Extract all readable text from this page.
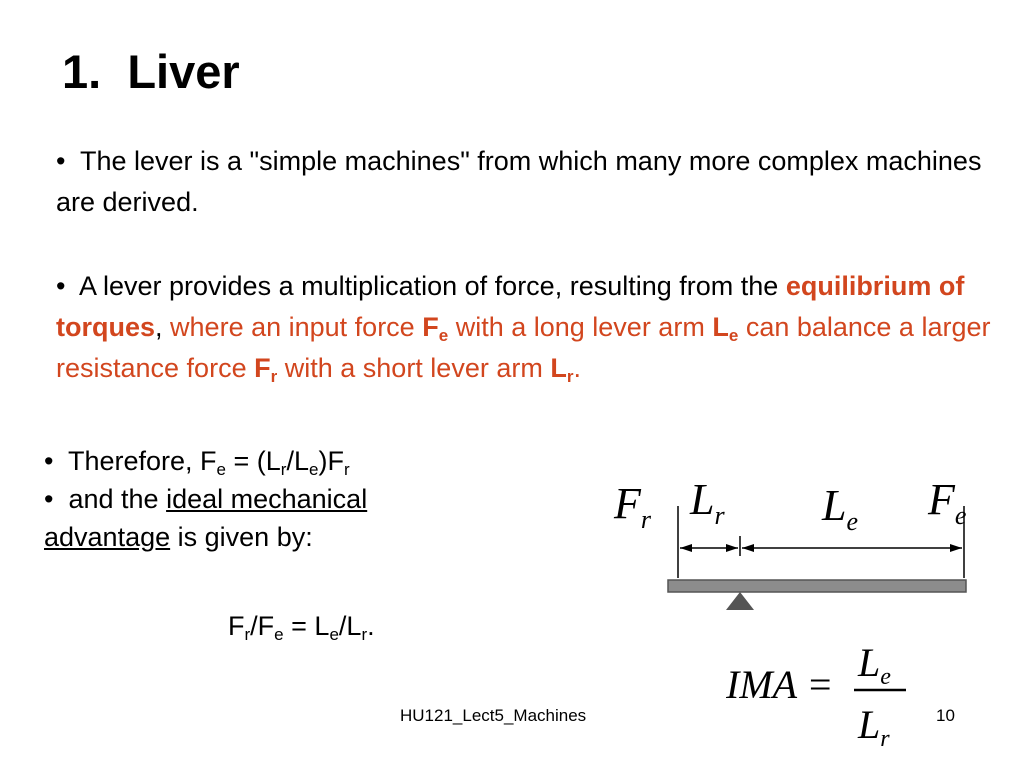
1.  Liver
• The lever is a "simple machines" from which many more complex machines are derived.
• A lever provides a multiplication of force, resulting from the equilibrium of torques, where an input force $F_e$ with a long lever arm $L_e$ can balance a larger resistance force $F_r$ with a short lever arm $L_r$.
• Therefore, $F_e = (L_r/L_e)F_r$
• and the ideal mechanical
advantage is given by:
$F_r/F_e = L_e/L_r$.
$F_r$ $L_r$ $L_e$ $F_e$
IMA = $L_e$
$L_r$
HU121_Lect5_Machines	10
